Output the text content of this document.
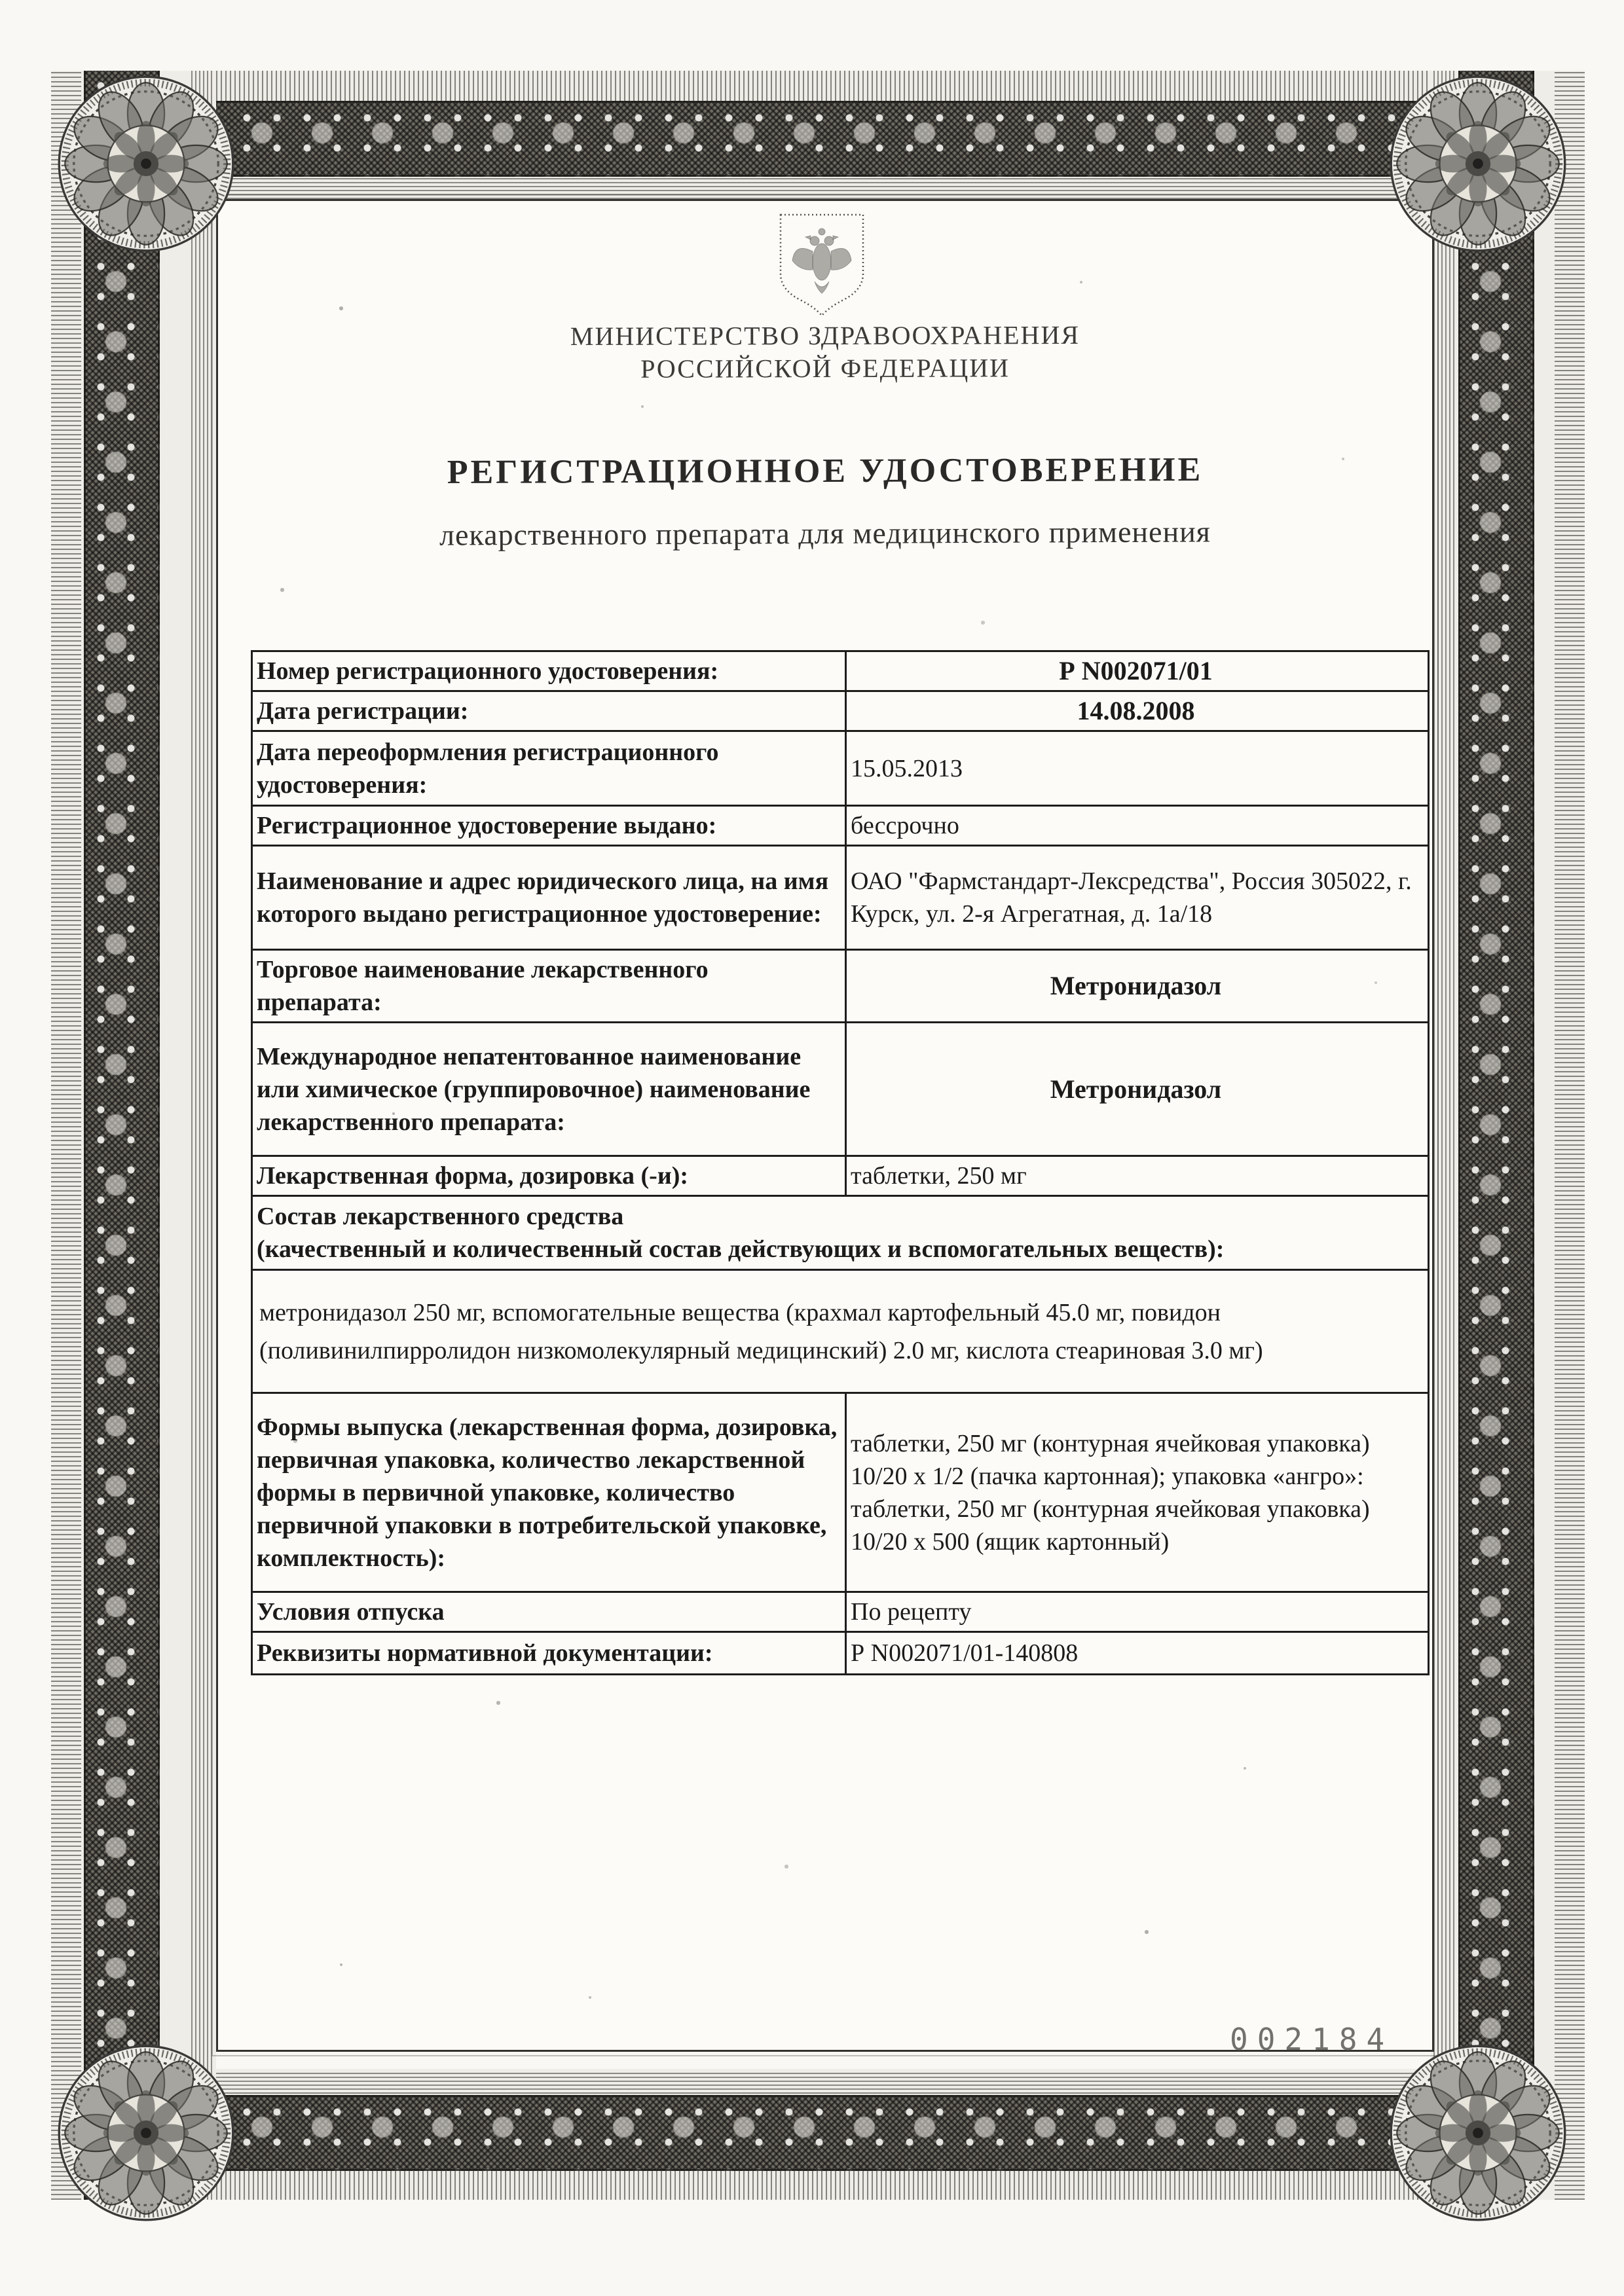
МИНИСТЕРСТВО ЗДРАВООХРАНЕНИЯ
РОССИЙСКОЙ ФЕДЕРАЦИИ
РЕГИСТРАЦИОННОЕ УДОСТОВЕРЕНИЕ
лекарственного препарата для медицинского применения
Номер регистрационного удостоверения:	Р N002071/01
Дата регистрации:	14.08.2008
Дата переоформления регистрационного удостоверения:	15.05.2013
Регистрационное удостоверение выдано:	бессрочно
Наименование и адрес юридического лица, на имя которого выдано регистрационное удостоверение:	ОАО "Фармстандарт-Лексредства", Россия 305022, г. Курск, ул. 2-я Агрегатная, д. 1а/18
Торговое наименование лекарственного препарата:	Метронидазол
Международное непатентованное наименование или химическое (группировочное) наименование лекарственного препарата:	Метронидазол
Лекарственная форма, дозировка (-и):	таблетки, 250 мг

Состав лекарственного средства
(качественный и количественный состав действующих и вспомогательных веществ):	

метронидазол 250 мг, вспомогательные вещества (крахмал картофельный 45.0 мг, повидон (поливинилпирролидон низкомолекулярный медицинский) 2.0 мг, кислота стеариновая 3.0 мг)	
Формы выпуска (лекарственная форма, дозировка, первичная упаковка, количество лекарственной формы в первичной упаковке, количество первичной упаковки в потребительской упаковке, комплектность):	таблетки, 250 мг (контурная ячейковая упаковка) 10/20 х 1/2 (пачка картонная); упаковка «ангро»: таблетки, 250 мг (контурная ячейковая упаковка) 10/20 х 500 (ящик картонный)
Условия отпуска	По рецепту
Реквизиты нормативной документации:	Р N002071/01-140808
002184
